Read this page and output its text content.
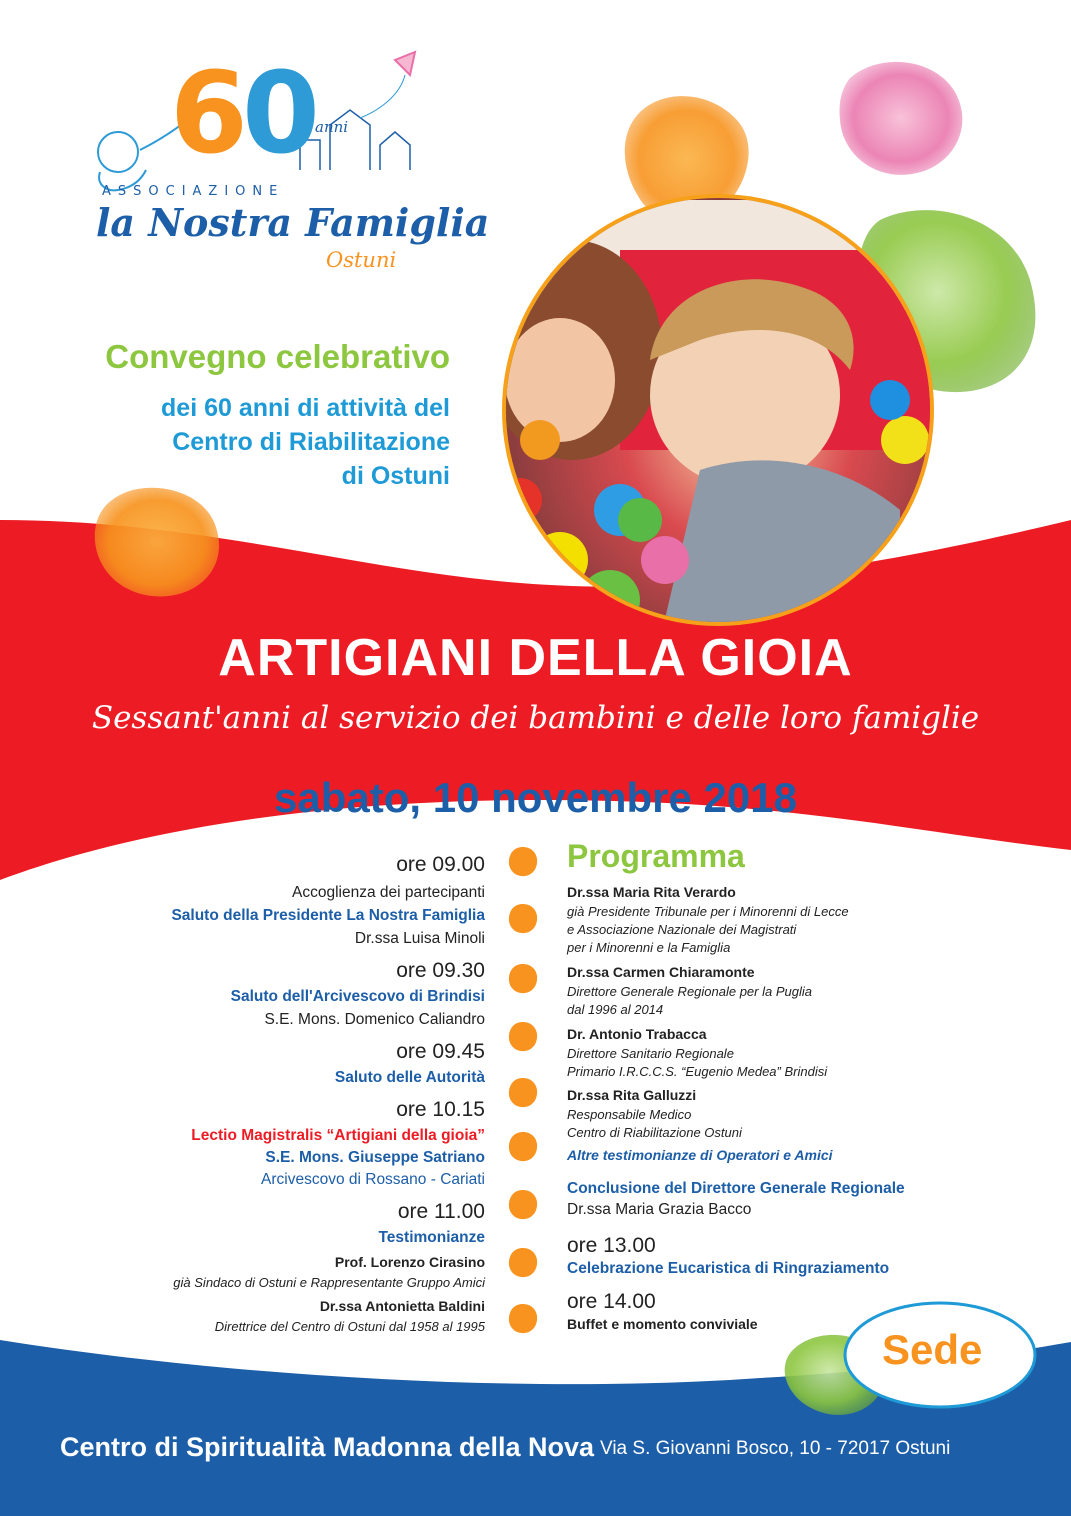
60 anni
ASSOCIAZIONE
la Nostra Famiglia
Ostuni
Convegno celebrativo
dei 60 anni di attività del
Centro di Riabilitazione
di Ostuni
ARTIGIANI DELLA GIOIA
Sessant'anni al servizio dei bambini e delle loro famiglie
sabato, 10 novembre 2018
ore 09.00
Accoglienza dei partecipanti
Saluto della Presidente La Nostra Famiglia
Dr.ssa Luisa Minoli
ore 09.30
Saluto dell'Arcivescovo di Brindisi
S.E. Mons. Domenico Caliandro
ore 09.45
Saluto delle Autorità
ore 10.15
Lectio Magistralis “Artigiani della gioia”
S.E. Mons. Giuseppe Satriano
Arcivescovo di Rossano - Cariati
ore 11.00
Testimonianze
Prof. Lorenzo Cirasino
già Sindaco di Ostuni e Rappresentante Gruppo Amici
Dr.ssa Antonietta Baldini
Direttrice del Centro di Ostuni dal 1958 al 1995
Programma
Dr.ssa Maria Rita Verardo
già Presidente Tribunale per i Minorenni di Lecce
e Associazione Nazionale dei Magistrati
per i Minorenni e la Famiglia
Dr.ssa Carmen Chiaramonte
Direttore Generale Regionale per la Puglia
dal 1996 al 2014
Dr. Antonio Trabacca
Direttore Sanitario Regionale
Primario I.R.C.C.S. “Eugenio Medea” Brindisi
Dr.ssa Rita Galluzzi
Responsabile Medico
Centro di Riabilitazione Ostuni
Altre testimonianze di Operatori e Amici
Conclusione del Direttore Generale Regionale
Dr.ssa Maria Grazia Bacco
ore 13.00
Celebrazione Eucaristica di Ringraziamento
ore 14.00
Buffet e momento conviviale
Sede
Centro di Spiritualità Madonna della Nova Via S. Giovanni Bosco, 10 - 72017 Ostuni
